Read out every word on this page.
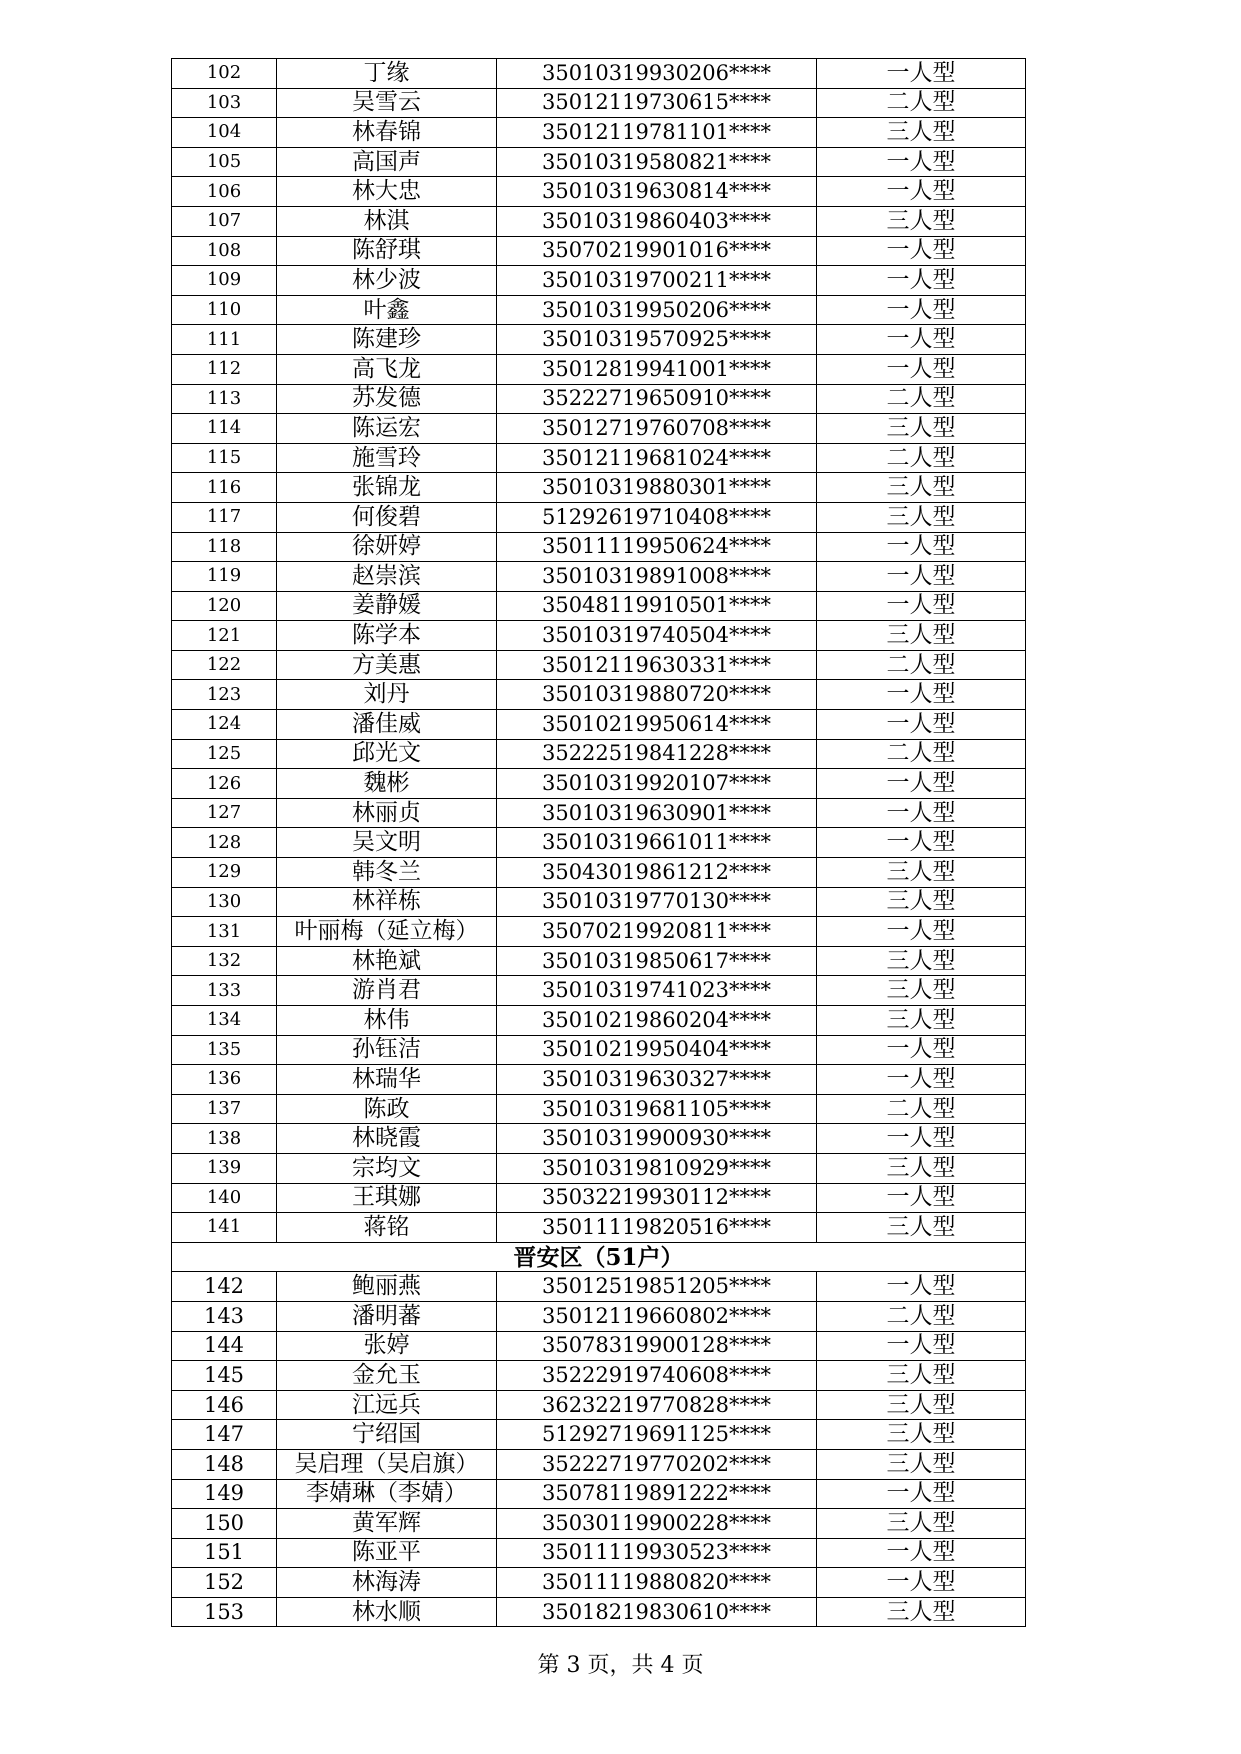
102	丁缘	35010319930206****	一人型
103	吴雪云	35012119730615****	二人型
104	林春锦	35012119781101****	三人型
105	高国声	35010319580821****	一人型
106	林大忠	35010319630814****	一人型
107	林淇	35010319860403****	三人型
108	陈舒琪	35070219901016****	一人型
109	林少波	35010319700211****	一人型
110	叶鑫	35010319950206****	一人型
111	陈建珍	35010319570925****	一人型
112	高飞龙	35012819941001****	一人型
113	苏发德	35222719650910****	二人型
114	陈运宏	35012719760708****	三人型
115	施雪玲	35012119681024****	二人型
116	张锦龙	35010319880301****	三人型
117	何俊碧	51292619710408****	三人型
118	徐妍婷	35011119950624****	一人型
119	赵崇滨	35010319891008****	一人型
120	姜静媛	35048119910501****	一人型
121	陈学本	35010319740504****	三人型
122	方美惠	35012119630331****	二人型
123	刘丹	35010319880720****	一人型
124	潘佳威	35010219950614****	一人型
125	邱光文	35222519841228****	二人型
126	魏彬	35010319920107****	一人型
127	林丽贞	35010319630901****	一人型
128	吴文明	35010319661011****	一人型
129	韩冬兰	35043019861212****	三人型
130	林祥栋	35010319770130****	三人型
131	叶丽梅（延立梅）	35070219920811****	一人型
132	林艳斌	35010319850617****	三人型
133	游肖君	35010319741023****	三人型
134	林伟	35010219860204****	三人型
135	孙钰洁	35010219950404****	一人型
136	林瑞华	35010319630327****	一人型
137	陈政	35010319681105****	二人型
138	林晓霞	35010319900930****	一人型
139	宗均文	35010319810929****	三人型
140	王琪娜	35032219930112****	一人型
141	蒋铭	35011119820516****	三人型
晋安区（51户）			
142	鲍丽燕	35012519851205****	一人型
143	潘明蕃	35012119660802****	二人型
144	张婷	35078319900128****	一人型
145	金允玉	35222919740608****	三人型
146	江远兵	36232219770828****	三人型
147	宁绍国	51292719691125****	三人型
148	吴启理（吴启旗）	35222719770202****	三人型
149	李婧琳（李婧）	35078119891222****	一人型
150	黄军辉	35030119900228****	三人型
151	陈亚平	35011119930523****	一人型
152	林海涛	35011119880820****	一人型
153	林水顺	35018219830610****	三人型
第 3 页，共 4 页
